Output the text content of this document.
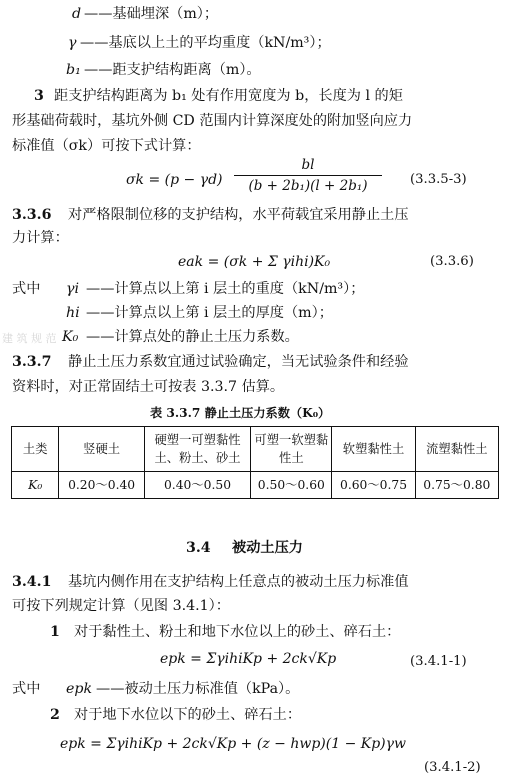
d ——基础埋深（m）；
γ ——基底以上土的平均重度（kN/m³）；
b₁ ——距支护结构距离（m）。
3 距支护结构距离为 b₁ 处有作用宽度为 b，长度为 l 的矩
形基础荷载时，基坑外侧 CD 范围内计算深度处的附加竖向应力
标准值（σk）可按下式计算：
σk = (p − γd)
bl
(b + 2b₁)(l + 2b₁)	(3.3.5-3)
3.3.6 对严格限制位移的支护结构，水平荷载宜采用静止土压
力计算：
eak = (σk + Σ γihi)K₀	(3.3.6)
式中 γi ——计算点以上第 i 层土的重度（kN/m³）；
hi ——计算点以上第 i 层土的厚度（m）；
K₀ ——计算点处的静止土压力系数。
3.3.7 静止土压力系数宜通过试验确定，当无试验条件和经验
资料时，对正常固结土可按表 3.3.7 估算。
表 3.3.7 静止土压力系数（K₀）
土类	竖硬土	硬塑一可塑黏性土、粉土、砂土	可塑一软塑黏性土	软塑黏性土	流塑黏性土
K₀	0.20～0.40	0.40～0.50	0.50～0.60	0.60～0.75	0.75～0.80
3.4 被动土压力
3.4.1 基坑内侧作用在支护结构上任意点的被动土压力标准值
可按下列规定计算（见图 3.4.1）：
1 对于黏性土、粉土和地下水位以上的砂土、碎石土：
epk = ΣγihiKp + 2ck√Kp	(3.4.1-1)
式中 epk ——被动土压力标准值（kPa）。
2 对于地下水位以下的砂土、碎石土：
epk = ΣγihiKp + 2ck√Kp + (z − hwp)(1 − Kp)γw
(3.4.1-2)
建 筑 规 范
